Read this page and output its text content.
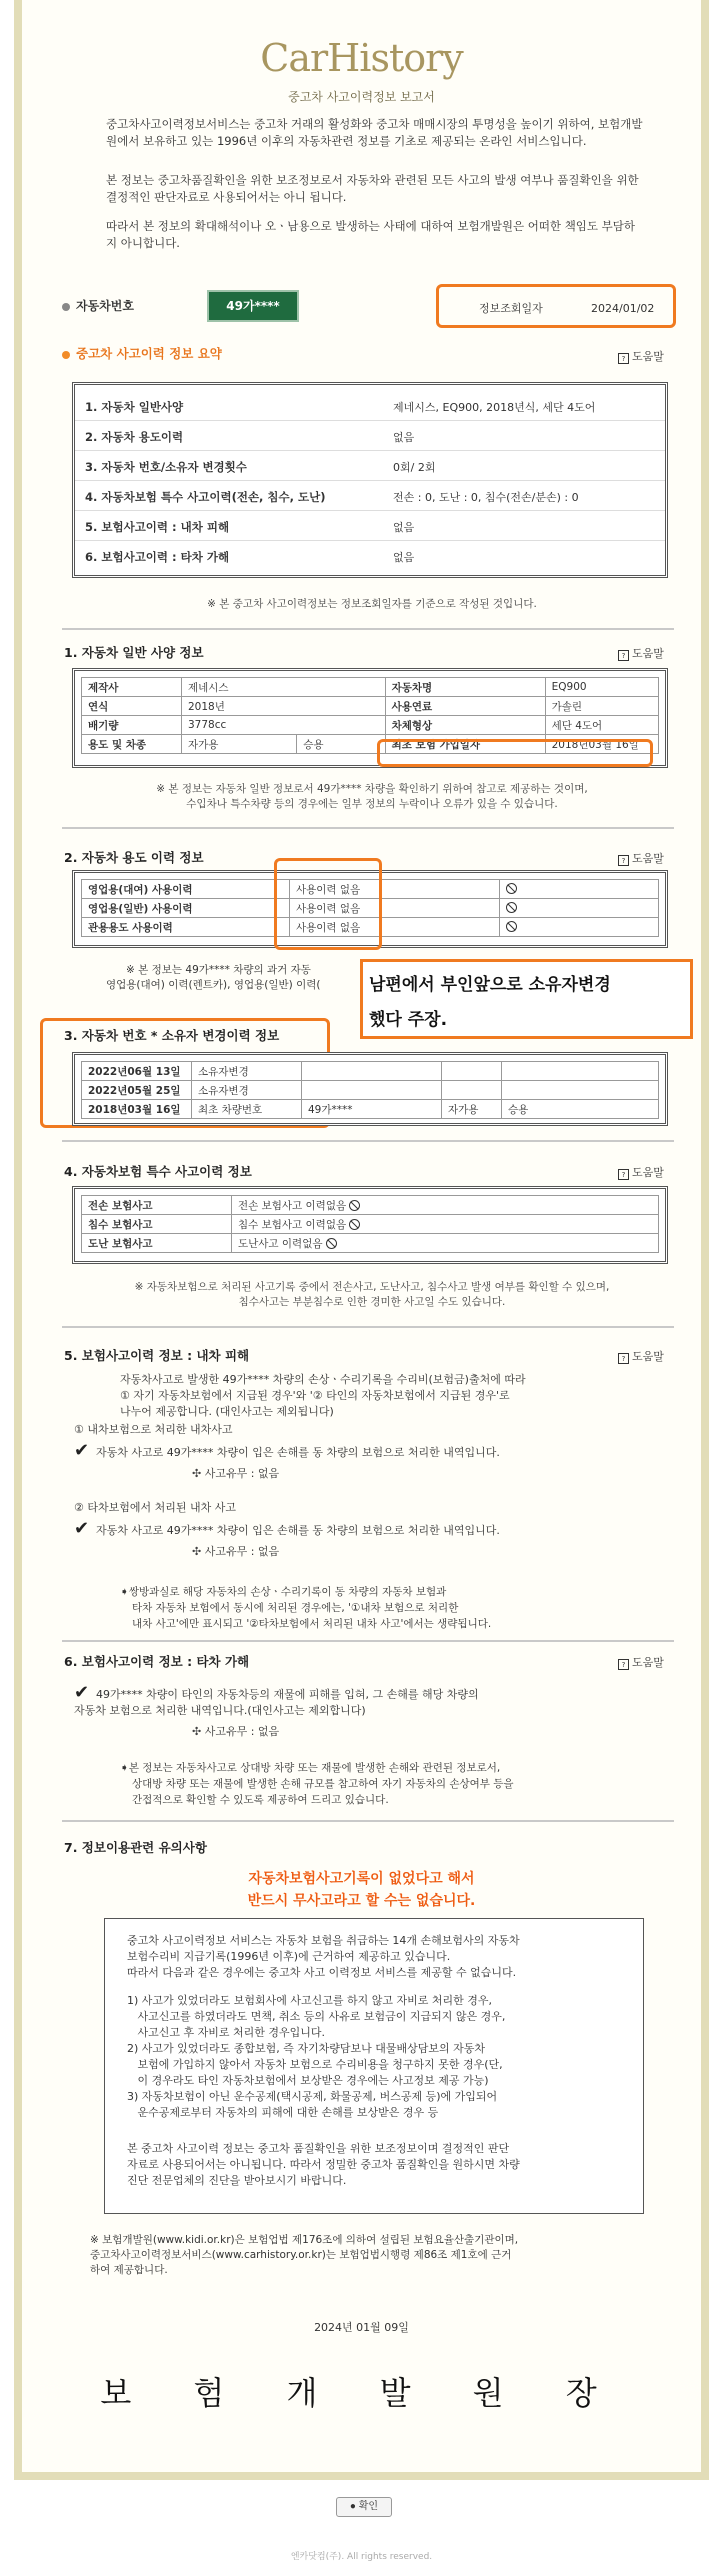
CarHistory
중고차 사고이력정보 보고서
중고차사고이력정보서비스는 중고차 거래의 활성화와 중고차 매매시장의 투명성을 높이기 위하여, 보험개발원에서 보유하고 있는 1996년 이후의 자동차관련 정보를 기초로 제공되는 온라인 서비스입니다.
본 정보는 중고차품질확인을 위한 보조정보로서 자동차와 관련된 모든 사고의 발생 여부나 품질확인을 위한 결정적인 판단자료로 사용되어서는 아니 됩니다.
따라서 본 정보의 확대해석이나 오ㆍ남용으로 발생하는 사태에 대하여 보험개발원은 어떠한 책임도 부담하지 아니합니다.
자동차번호	49가****	정보조회일자	2024/01/02
중고차 사고이력 정보 요약	? 도움말
1. 자동차 일반사양	제네시스, EQ900, 2018년식, 세단 4도어
2. 자동차 용도이력	없음
3. 자동차 번호/소유자 변경횟수	0회/ 2회
4. 자동차보험 특수 사고이력(전손, 침수, 도난)	전손 : 0, 도난 : 0, 침수(전손/분손) : 0
5. 보험사고이력 : 내차 피해	없음
6. 보험사고이력 : 타차 가해	없음
※ 본 중고차 사고이력정보는 정보조회일자를 기준으로 작성된 것입니다.
1. 자동차 일반 사양 정보	? 도움말
제작사	제네시스		자동차명	EQ900
연식	2018년		사용연료	가솔린
배기량	3778cc		차체형상	세단 4도어
용도 및 차종	자가용	승용	최초 보험 가입일자	2018년03월 16일
※ 본 정보는 자동차 일반 정보로서 49가**** 차량을 확인하기 위하여 참고로 제공하는 것이며,
수입차나 특수차량 등의 경우에는 일부 정보의 누락이나 오류가 있을 수 있습니다.
2. 자동차 용도 이력 정보	? 도움말
영업용(대여) 사용이력	사용이력 없음	
영업용(일반) 사용이력	사용이력 없음	
관용용도 사용이력	사용이력 없음	
※ 본 정보는 49가**** 차량의 과거 자동
영업용(대여) 이력(렌트카), 영업용(일반) 이력(	남편에서 부인앞으로 소유자변경
했다 주장.
3. 자동차 번호 * 소유자 변경이력 정보
2022년06월 13일	소유자변경			
2022년05월 25일	소유자변경			
2018년03월 16일	최초 차량번호	49가****	자가용	승용
4. 자동차보험 특수 사고이력 정보	? 도움말
전손 보험사고	전손 보험사고 이력없음
침수 보험사고	침수 보험사고 이력없음
도난 보험사고	도난사고 이력없음
※ 자동차보험으로 처리된 사고기록 중에서 전손사고, 도난사고, 침수사고 발생 여부를 확인할 수 있으며,
침수사고는 부분침수로 인한 경미한 사고일 수도 있습니다.
5. 보험사고이력 정보 : 내차 피해	? 도움말
자동차사고로 발생한 49가**** 차량의 손상ㆍ수리기록을 수리비(보험금)출처에 따라
① 자기 자동차보험에서 지급된 경우'와 '② 타인의 자동차보험에서 지급된 경우'로
나누어 제공합니다. (대인사고는 제외됩니다)
① 내차보험으로 처리한 내차사고
✔ 자동차 사고로 49가**** 차량이 입은 손해를 동 차량의 보험으로 처리한 내역입니다.
✣ 사고유무 : 없음
② 타차보험에서 처리된 내차 사고
✔ 자동차 사고로 49가**** 차량이 입은 손해를 동 차량의 보험으로 처리한 내역입니다.
✣ 사고유무 : 없음
➧쌍방과실로 해당 자동차의 손상ㆍ수리기록이 동 차량의 자동차 보험과
타차 자동차 보험에서 동시에 처리된 경우에는, '①내차 보험으로 처리한
내차 사고'에만 표시되고 '②타차보험에서 처리된 내차 사고'에서는 생략됩니다.
6. 보험사고이력 정보 : 타차 가해	? 도움말
✔ 49가**** 차량이 타인의 자동차등의 재물에 피해를 입혀, 그 손해를 해당 차량의
자동차 보험으로 처리한 내역입니다.(대인사고는 제외합니다)
✣ 사고유무 : 없음
➧본 정보는 자동차사고로 상대방 차량 또는 재물에 발생한 손해와 관련된 정보로서,
상대방 차량 또는 재물에 발생한 손해 규모를 참고하여 자기 자동차의 손상여부 등을
간접적으로 확인할 수 있도록 제공하여 드리고 있습니다.
7. 정보이용관련 유의사항
자동차보험사고기록이 없었다고 해서
반드시 무사고라고 할 수는 없습니다.
중고차 사고이력정보 서비스는 자동차 보험을 취급하는 14개 손해보험사의 자동차
보험수리비 지급기록(1996년 이후)에 근거하여 제공하고 있습니다.
따라서 다음과 같은 경우에는 중고차 사고 이력정보 서비스를 제공할 수 없습니다.
1) 사고가 있었더라도 보험회사에 사고신고를 하지 않고 자비로 처리한 경우,
사고신고를 하였더라도 면책, 취소 등의 사유로 보험금이 지급되지 않은 경우,
사고신고 후 자비로 처리한 경우입니다.
2) 사고가 있었더라도 종합보험, 즉 자기차량담보나 대물배상담보의 자동차
보험에 가입하지 않아서 자동차 보험으로 수리비용을 청구하지 못한 경우(단,
이 경우라도 타인 자동차보험에서 보상받은 경우에는 사고정보 제공 가능)
3) 자동차보험이 아닌 운수공제(택시공제, 화물공제, 버스공제 등)에 가입되어
운수공제로부터 자동차의 피해에 대한 손해를 보상받은 경우 등
본 중고차 사고이력 정보는 중고차 품질확인을 위한 보조정보이며 결정적인 판단
자료로 사용되어서는 아니됩니다. 따라서 정밀한 중고차 품질확인을 원하시면 차량
진단 전문업체의 진단을 받아보시기 바랍니다.
※ 보험개발원(www.kidi.or.kr)은 보험업법 제176조에 의하여 설립된 보험요율산출기관이며,
중고차사고이력정보서비스(www.carhistory.or.kr)는 보험업법시행령 제86조 제1호에 근거
하여 제공합니다.
2024년 01월 09일
보 험 개 발 원 장
● 확인
엔카닷컴(주). All rights reserved.
